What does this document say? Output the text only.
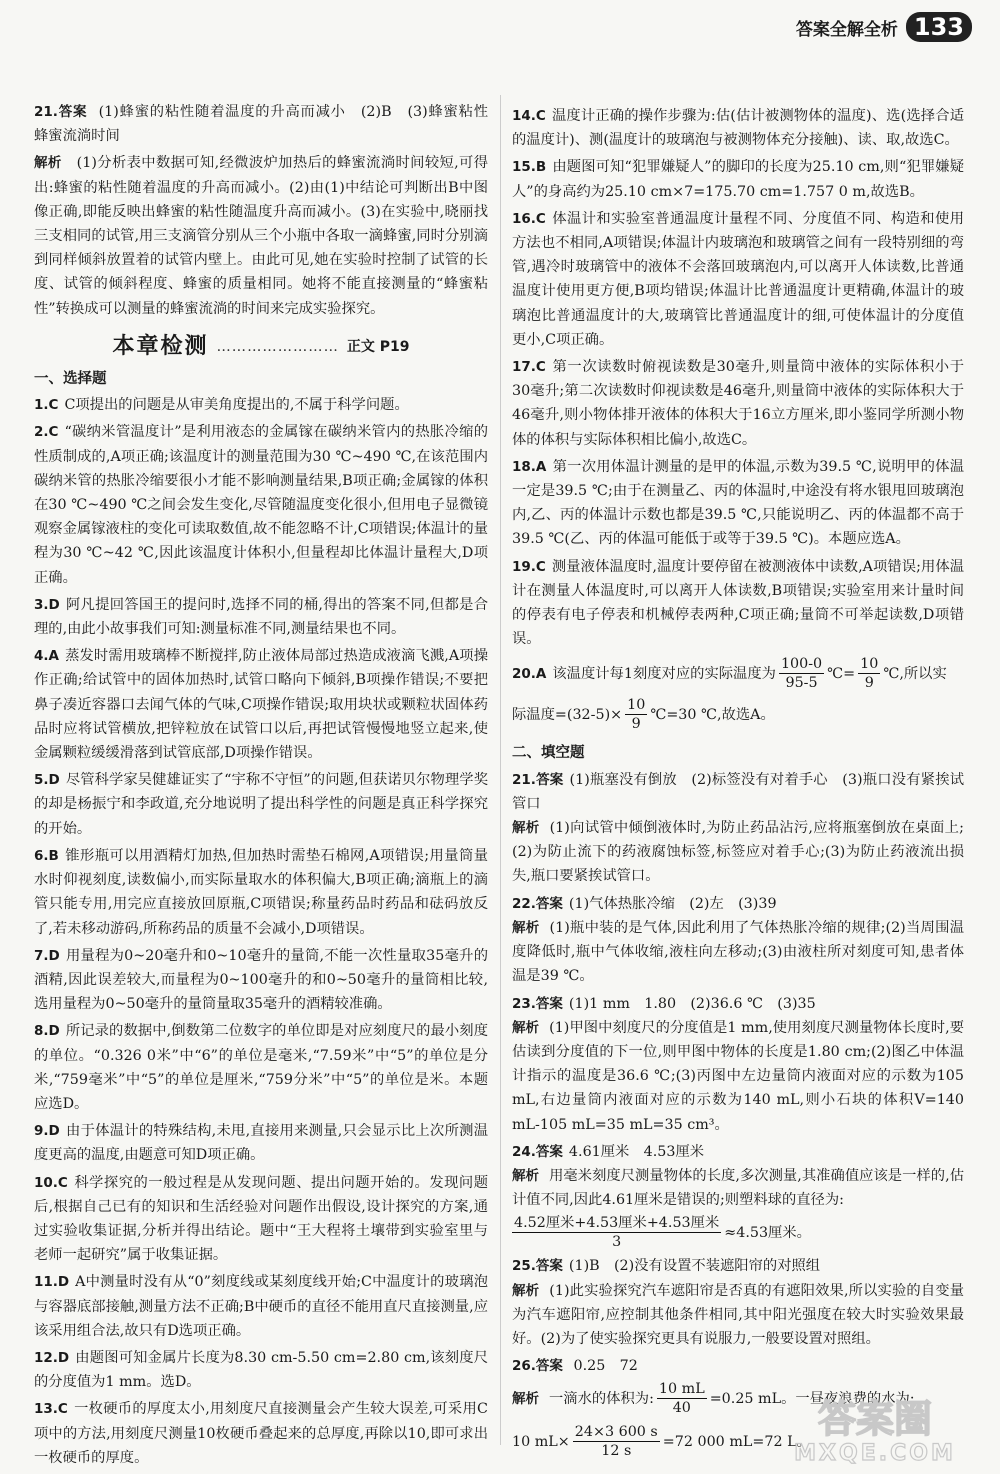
答案全解全析 133
21.答案 (1)蜂蜜的粘性随着温度的升高而减小　(2)B　(3)蜂蜜粘性　蜂蜜流淌时间
解析 (1)分析表中数据可知,经微波炉加热后的蜂蜜流淌时间较短,可得出:蜂蜜的粘性随着温度的升高而减小。(2)由(1)中结论可判断出B中图像正确,即能反映出蜂蜜的粘性随温度升高而减小。(3)在实验中,晓丽找三支相同的试管,用三支滴管分别从三个小瓶中各取一滴蜂蜜,同时分别滴到同样倾斜放置着的试管内壁上。由此可见,她在实验时控制了试管的长度、试管的倾斜程度、蜂蜜的质量相同。她将不能直接测量的“蜂蜜粘性”转换成可以测量的蜂蜜流淌的时间来完成实验探究。
本章检测 …………………… 正文 P19
一、选择题
1.C C项提出的问题是从审美角度提出的,不属于科学问题。
2.C “碳纳米管温度计”是利用液态的金属镓在碳纳米管内的热胀冷缩的性质制成的,A项正确;该温度计的测量范围为30 ℃~490 ℃,在该范围内碳纳米管的热胀冷缩要很小才能不影响测量结果,B项正确;金属镓的体积在30 ℃~490 ℃之间会发生变化,尽管随温度变化很小,但用电子显微镜观察金属镓液柱的变化可读取数值,故不能忽略不计,C项错误;体温计的量程为30 ℃~42 ℃,因此该温度计体积小,但量程却比体温计量程大,D项正确。
3.D 阿凡提回答国王的提问时,选择不同的桶,得出的答案不同,但都是合理的,由此小故事我们可知:测量标准不同,测量结果也不同。
4.A 蒸发时需用玻璃棒不断搅拌,防止液体局部过热造成液滴飞溅,A项操作正确;给试管中的固体加热时,试管口略向下倾斜,B项操作错误;不要把鼻子凑近容器口去闻气体的气味,C项操作错误;取用块状或颗粒状固体药品时应将试管横放,把锌粒放在试管口以后,再把试管慢慢地竖立起来,使金属颗粒缓缓滑落到试管底部,D项操作错误。
5.D 尽管科学家吴健雄证实了“宇称不守恒”的问题,但获诺贝尔物理学奖的却是杨振宁和李政道,充分地说明了提出科学性的问题是真正科学探究的开始。
6.B 锥形瓶可以用酒精灯加热,但加热时需垫石棉网,A项错误;用量筒量水时仰视刻度,读数偏小,而实际量取水的体积偏大,B项正确;滴瓶上的滴管只能专用,用完应直接放回原瓶,C项错误;称量药品时药品和砝码放反了,若未移动游码,所称药品的质量不会减小,D项错误。
7.D 用量程为0~20毫升和0~10毫升的量筒,不能一次性量取35毫升的酒精,因此误差较大,而量程为0~100毫升的和0~50毫升的量筒相比较,选用量程为0~50毫升的量筒量取35毫升的酒精较准确。
8.D 所记录的数据中,倒数第二位数字的单位即是对应刻度尺的最小刻度的单位。“0.326 0米”中“6”的单位是毫米,“7.59米”中“5”的单位是分米,“759毫米”中“5”的单位是厘米,“759分米”中“5”的单位是米。本题应选D。
9.D 由于体温计的特殊结构,未甩,直接用来测量,只会显示比上次所测温度更高的温度,由题意可知D项正确。
10.C 科学探究的一般过程是从发现问题、提出问题开始的。发现问题后,根据自己已有的知识和生活经验对问题作出假设,设计探究的方案,通过实验收集证据,分析并得出结论。题中“王大程将土壤带到实验室里与老师一起研究”属于收集证据。
11.D A中测量时没有从“0”刻度线或某刻度线开始;C中温度计的玻璃泡与容器底部接触,测量方法不正确;B中硬币的直径不能用直尺直接测量,应该采用组合法,故只有D选项正确。
12.D 由题图可知金属片长度为8.30 cm-5.50 cm=2.80 cm,该刻度尺的分度值为1 mm。选D。
13.C 一枚硬币的厚度太小,用刻度尺直接测量会产生较大误差,可采用C项中的方法,用刻度尺测量10枚硬币叠起来的总厚度,再除以10,即可求出一枚硬币的厚度。
14.C 温度计正确的操作步骤为:估(估计被测物体的温度)、选(选择合适的温度计)、测(温度计的玻璃泡与被测物体充分接触)、读、取,故选C。
15.B 由题图可知“犯罪嫌疑人”的脚印的长度为25.10 cm,则“犯罪嫌疑人”的身高约为25.10 cm×7=175.70 cm=1.757 0 m,故选B。
16.C 体温计和实验室普通温度计量程不同、分度值不同、构造和使用方法也不相同,A项错误;体温计内玻璃泡和玻璃管之间有一段特别细的弯管,遇冷时玻璃管中的液体不会落回玻璃泡内,可以离开人体读数,比普通温度计使用更方便,B项均错误;体温计比普通温度计更精确,体温计的玻璃泡比普通温度计的大,玻璃管比普通温度计的细,可使体温计的分度值更小,C项正确。
17.C 第一次读数时俯视读数是30毫升,则量筒中液体的实际体积小于30毫升;第二次读数时仰视读数是46毫升,则量筒中液体的实际体积大于46毫升,则小物体排开液体的体积大于16立方厘米,即小鉴同学所测小物体的体积与实际体积相比偏小,故选C。
18.A 第一次用体温计测量的是甲的体温,示数为39.5 ℃,说明甲的体温一定是39.5 ℃;由于在测量乙、丙的体温时,中途没有将水银甩回玻璃泡内,乙、丙的体温计示数也都是39.5 ℃,只能说明乙、丙的体温都不高于39.5 ℃(乙、丙的体温可能低于或等于39.5 ℃)。本题应选A。
19.C 测量液体温度时,温度计要停留在被测液体中读数,A项错误;用体温计在测量人体温度时,可以离开人体读数,B项错误;实验室用来计量时间的停表有电子停表和机械停表两种,C项正确;量筒不可举起读数,D项错误。
20.A 该温度计每1刻度对应的实际温度为 $\frac{100-0}{95-5}$ ℃= $\frac{10}{9}$ ℃,所以实
际温度$=(32-5)\times \frac{10}{9}$ ℃=30 ℃,故选A。
二、填空题
21.答案 (1)瓶塞没有倒放　(2)标签没有对着手心　(3)瓶口没有紧挨试管口
解析 (1)向试管中倾倒液体时,为防止药品沾污,应将瓶塞倒放在桌面上;(2)为防止流下的药液腐蚀标签,标签应对着手心;(3)为防止药液流出损失,瓶口要紧挨试管口。
22.答案 (1)气体热胀冷缩　(2)左　(3)39
解析 (1)瓶中装的是气体,因此利用了气体热胀冷缩的规律;(2)当周围温度降低时,瓶中气体收缩,液柱向左移动;(3)由液柱所对刻度可知,患者体温是39 ℃。
23.答案 (1)1 mm　1.80　(2)36.6 ℃　(3)35
解析 (1)甲图中刻度尺的分度值是1 mm,使用刻度尺测量物体长度时,要估读到分度值的下一位,则甲图中物体的长度是1.80 cm;(2)图乙中体温计指示的温度是36.6 ℃;(3)丙图中左边量筒内液面对应的示数为105 mL,右边量筒内液面对应的示数为140 mL,则小石块的体积V=140 mL-105 mL=35 mL=35 cm³。
24.答案 4.61厘米　4.53厘米
解析 用毫米刻度尺测量物体的长度,多次测量,其准确值应该是一样的,估计值不同,因此4.61厘米是错误的;则塑料球的直径为:
4.52厘米+4.53厘米+4.53厘米
3
≈4.53厘米。
25.答案 (1)B　(2)没有设置不装遮阳帘的对照组
解析 (1)此实验探究汽车遮阳帘是否真的有遮阳效果,所以实验的自变量为汽车遮阳帘,应控制其他条件相同,其中阳光强度在较大时实验效果最好。(2)为了使实验探究更具有说服力,一般要设置对照组。
26.答案 0.25　72
解析 一滴水的体积为: $\frac{10 mL}{40} =0.25$ mL。一昼夜浪费的水为:
10 $mL\times \frac{24\times 3 600 s}{12 s} =72$ 000 mL=72 L。
答案圈
MXQE.COM
